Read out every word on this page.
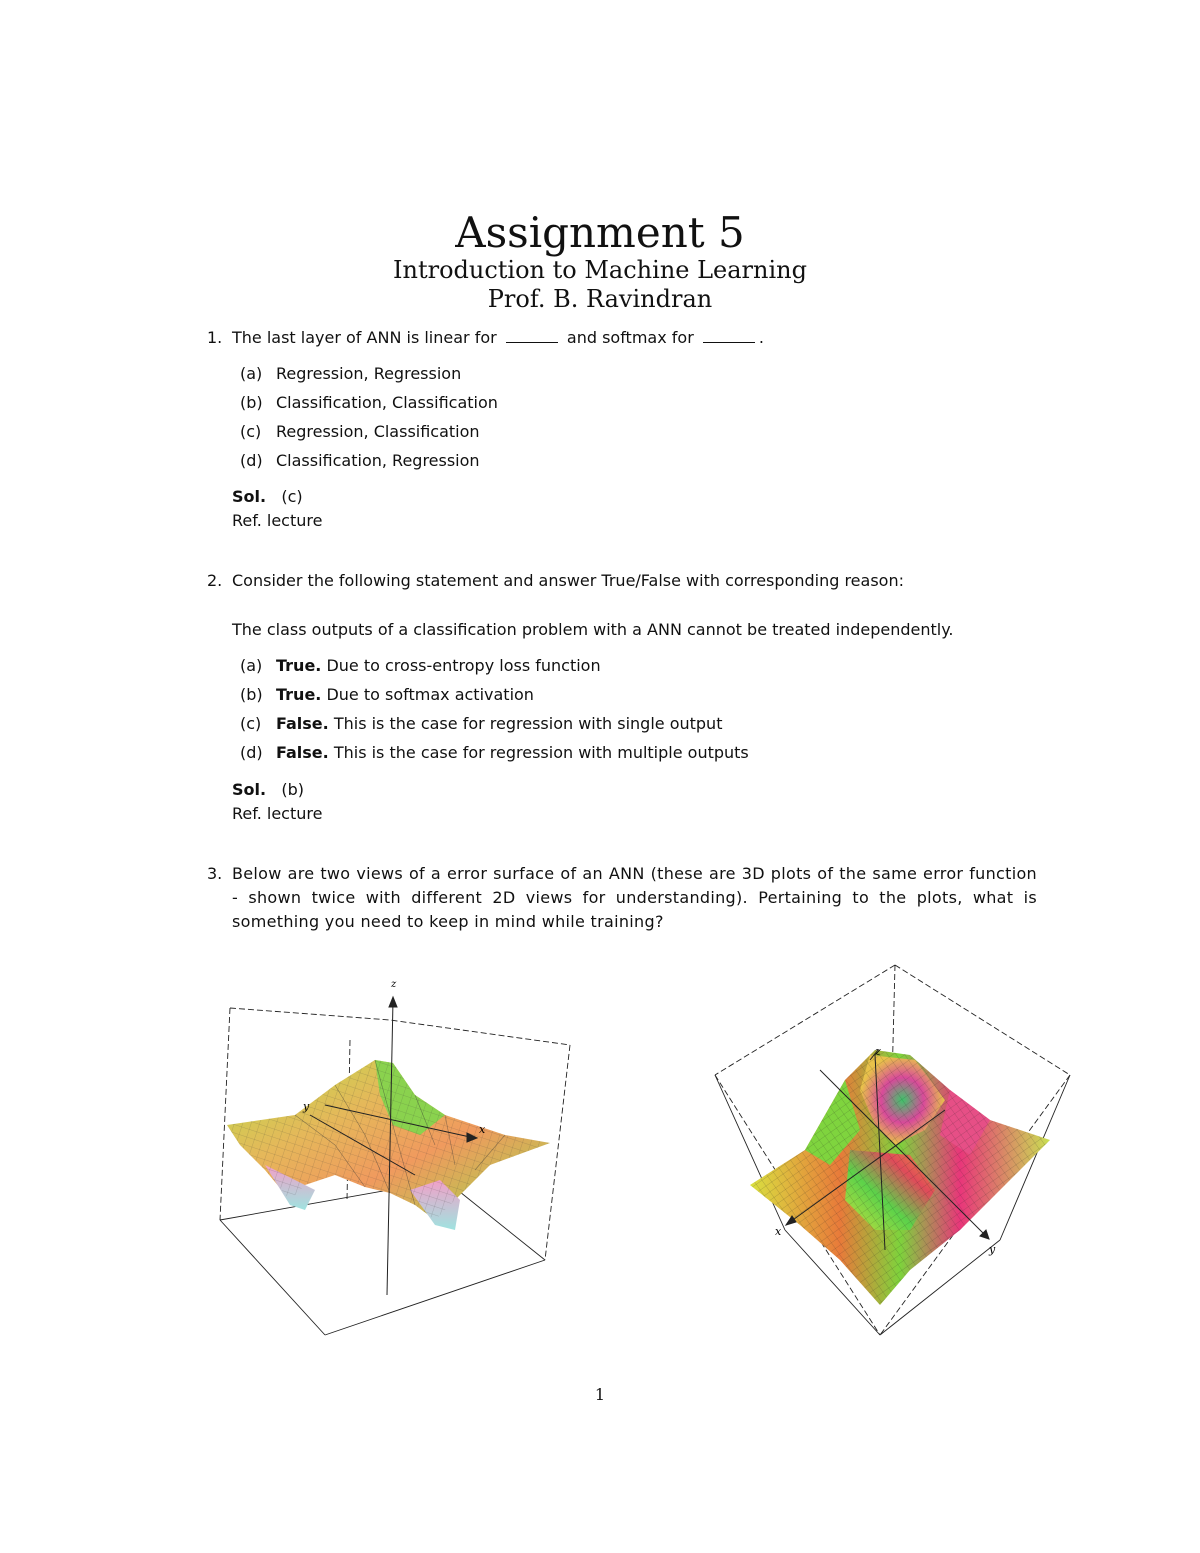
Assignment 5
Introduction to Machine Learning
Prof. B. Ravindran
1. The last layer of ANN is linear for	and softmax for	.
(a) Regression, Regression
(b) Classification, Classification
(c) Regression, Classification
(d) Classification, Regression
Sol. (c)
Ref. lecture
2. Consider the following statement and answer True/False with corresponding reason:
The class outputs of a classification problem with a ANN cannot be treated independently.
(a) True. Due to cross-entropy loss function
(b) True. Due to softmax activation
(c) False. This is the case for regression with single output
(d) False. This is the case for regression with multiple outputs
Sol. (b)
Ref. lecture
3. Below are two views of a error surface of an ANN (these are 3D plots of the same error function - shown twice with different 2D views for understanding). Pertaining to the plots, what is something you need to keep in mind while training?
z
x
y
z
x
y
1
